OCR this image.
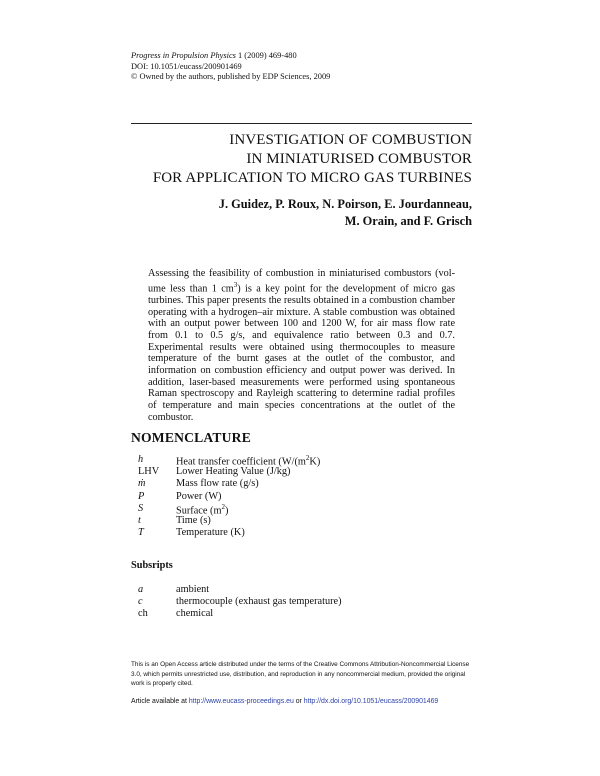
Progress in Propulsion Physics 1 (2009) 469-480
DOI: 10.1051/eucass/200901469
© Owned by the authors, published by EDP Sciences, 2009
INVESTIGATION OF COMBUSTION
IN MINIATURISED COMBUSTOR
FOR APPLICATION TO MICRO GAS TURBINES
J. Guidez, P. Roux, N. Poirson, E. Jourdanneau,
M. Orain, and F. Grisch
Assessing the feasibility of combustion in miniaturised combustors (vol- ume less than 1 $cm^3$) is a key point for the development of micro gas turbines. This paper presents the results obtained in a combustion chamber operating with a hydrogen–air mixture. A stable combustion was obtained with an output power between 100 and 1200 W, for air mass flow rate from 0.1 to 0.5 g/s, and equivalence ratio between 0.3 and 0.7. Experimental results were obtained using thermocouples to measure temperature of the burnt gases at the outlet of the combustor, and information on combustion efficiency and output power was derived. In addition, laser-based measurements were performed using spontaneous Raman spectroscopy and Rayleigh scattering to determine radial profiles of temperature and main species concentrations at the outlet of the combustor.
NOMENCLATURE
h	Heat transfer coefficient ($W/(m^2K)$
LHV	Lower Heating Value (J/kg)
ṁ	Mass flow rate (g/s)
P	Power (W)
S	Surface $(m^2)$
t	Time (s)
T	Temperature (K)
Subsripts
a	ambient
c	thermocouple (exhaust gas temperature)
ch	chemical
This is an Open Access article distributed under the terms of the Creative Commons Attribution-Noncommercial License 3.0, which permits unrestricted use, distribution, and reproduction in any noncommercial medium, provided the original work is properly cited.
Article available at http://www.eucass-proceedings.eu or http://dx.doi.org/10.1051/eucass/200901469
